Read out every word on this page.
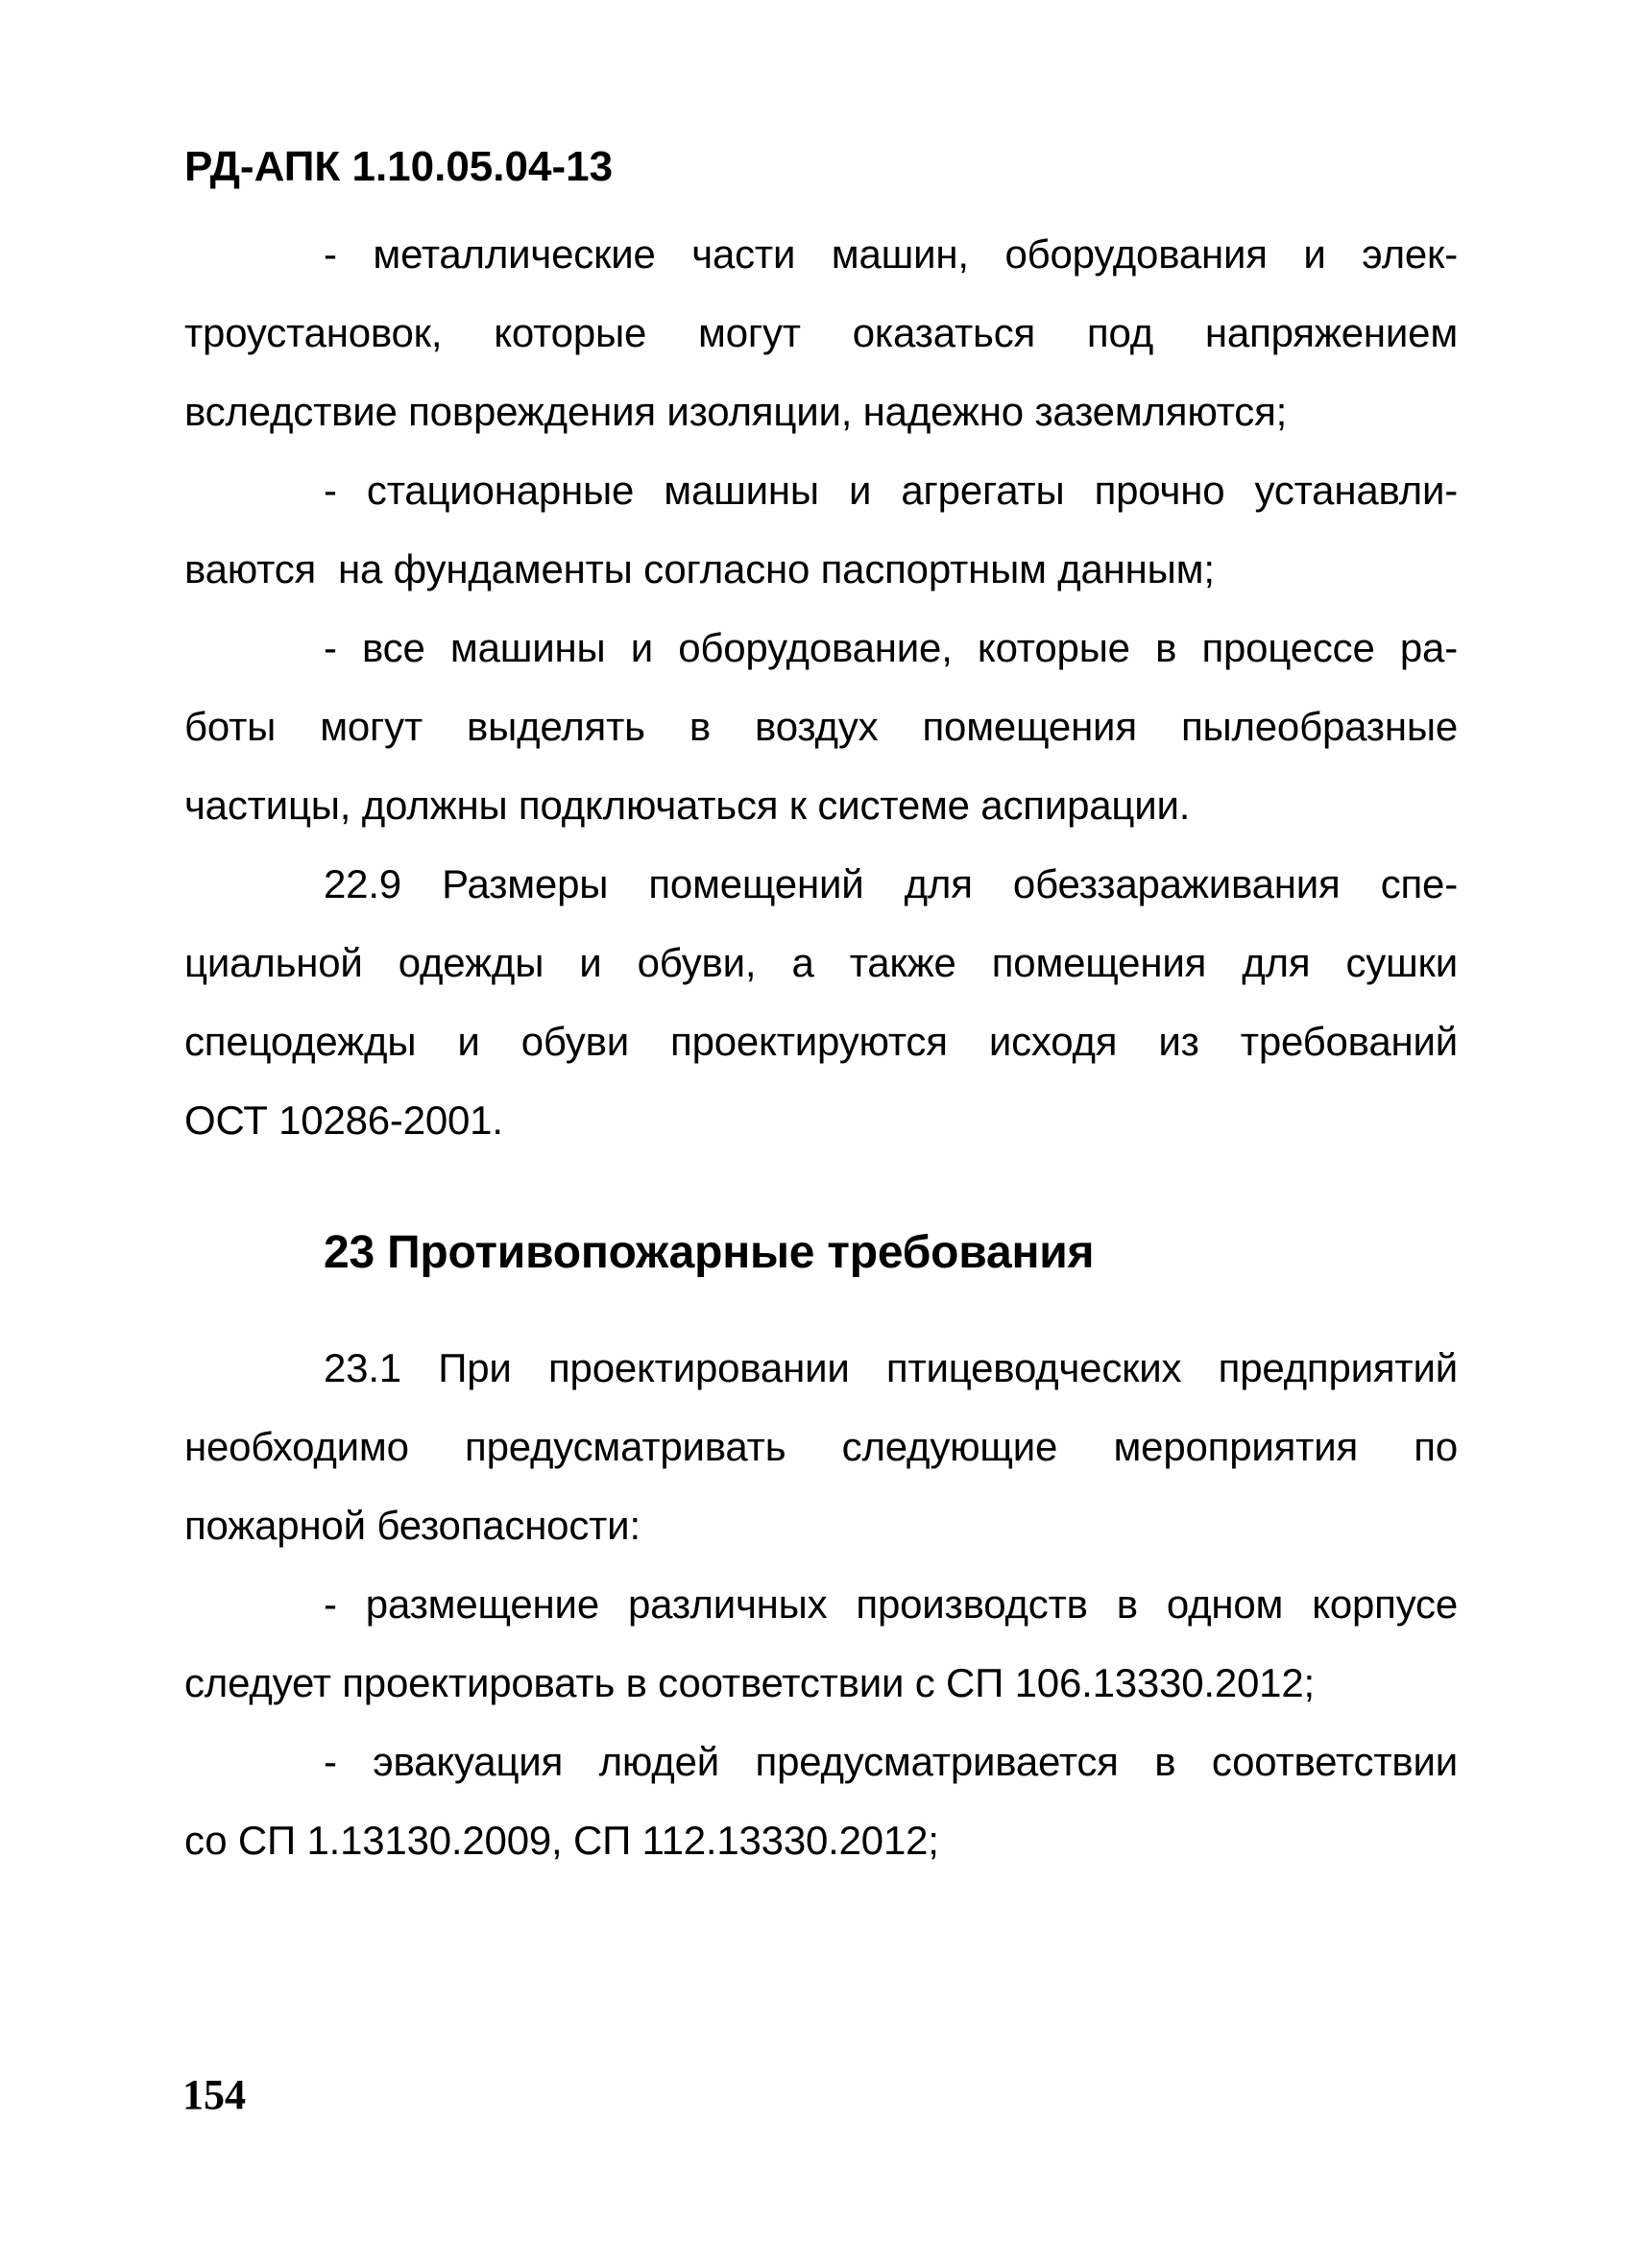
РД-АПК 1.10.05.04-13
- металлические части машин, оборудования и элек-
троустановок, которые могут оказаться под напряжением
вследствие повреждения изоляции, надежно заземляются;
- стационарные машины и агрегаты прочно устанавли-
ваются  на фундаменты согласно паспортным данным;
- все машины и оборудование, которые в процессе ра-
боты могут выделять в воздух помещения пылеобразные
частицы, должны подключаться к системе аспирации.
22.9 Размеры помещений для обеззараживания спе-
циальной одежды и обуви, а также помещения для сушки
спецодежды и обуви проектируются исходя из требований
ОСТ 10286-2001.
23 Противопожарные требования
23.1 При проектировании птицеводческих предприятий
необходимо предусматривать следующие мероприятия по
пожарной безопасности:
- размещение различных производств в одном корпусе
следует проектировать в соответствии с СП 106.13330.2012;
- эвакуация людей предусматривается в соответствии
со СП 1.13130.2009, СП 112.13330.2012;
154
